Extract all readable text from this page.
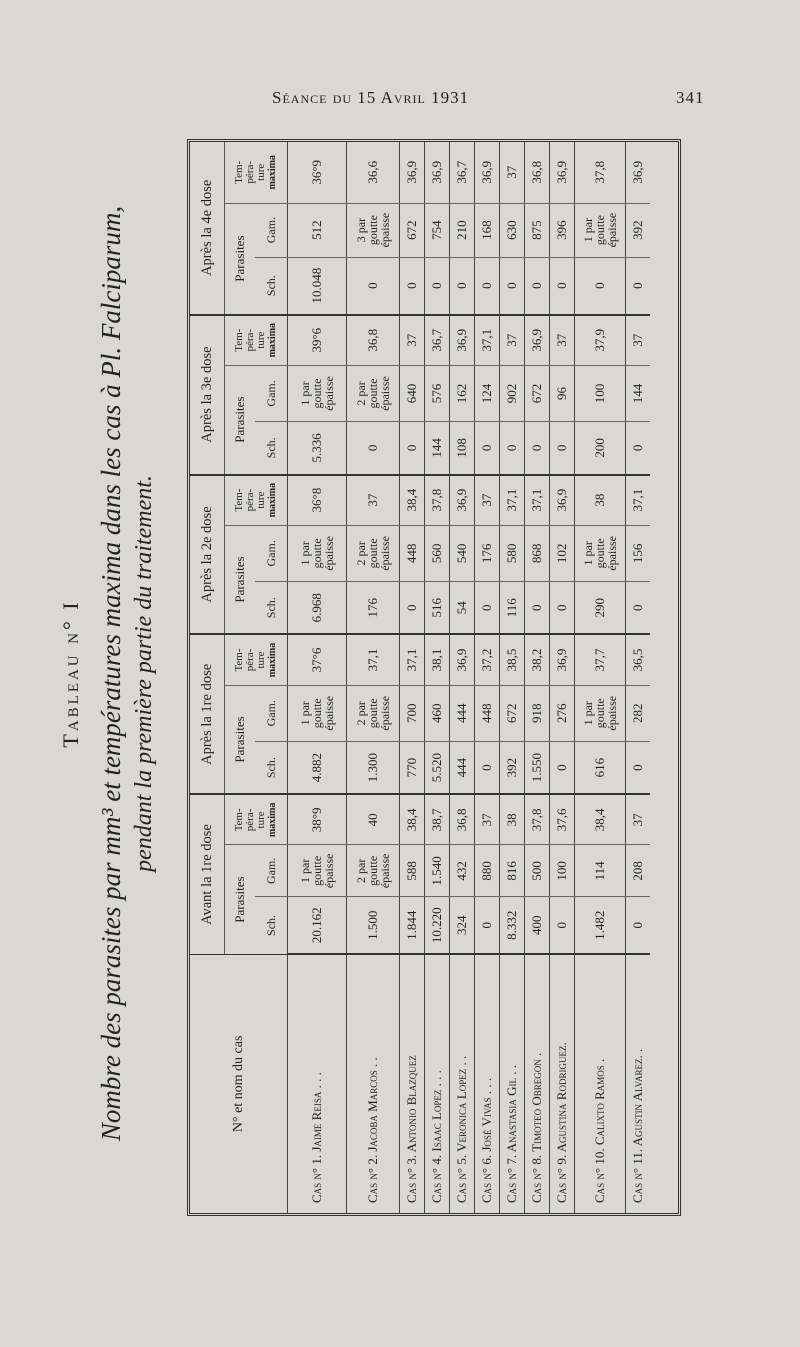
Séance du 15 Avril 1931	341
Tableau n° I Nombre des parasites par mm³ et températures maxima dans les cas à Pl. Falciparum, pendant la première partie du traitement.
N° et nom du cas	Avant la 1re dose			Après la 1re dose			Après la 2e dose			Après la 3e dose			Après la 4e dose		
	Parasites		Tem-
péra-
ture
maxima	Parasites		Tem-
péra-
ture
maxima	Parasites		Tem-
péra-
ture
maxima	Parasites		Tem-
péra-
ture
maxima	Parasites		Tem-
péra-
ture
maxima
	Sch.	Gam.		Sch.	Gam.		Sch.	Gam.		Sch.	Gam.		Sch.	Gam.	
Cas n° 1. Jaime Reisa . . .	20.162	1 par goutte épaisse	38°9	4.882	1 par goutte épaisse	37°6	6.968	1 par goutte épaisse	36°8	5.336	1 par goutte épaisse	39°6	10.048	512	36°9
Cas n° 2. Jacoba Marcos . .	1.500	2 par goutte épaisse	40	1.300	2 par goutte épaisse	37,1	176	2 par goutte épaisse	37	0	2 par goutte épaisse	36,8	0	3 par goutte épaisse	36,6
Cas n° 3. Antonio Blazquez	1.844	588	38,4	770	700	37,1	0	448	38,4	0	640	37	0	672	36,9
Cas n° 4. Isaac Lopez . . .	10.220	1.540	38,7	5.520	460	38,1	516	560	37,8	144	576	36,7	0	754	36,9
Cas n° 5. Veronica Lopez . .	324	432	36,8	444	444	36,9	54	540	36,9	108	162	36,9	0	210	36,7
Cas n° 6. José Vivas . . .	0	880	37	0	448	37,2	0	176	37	0	124	37,1	0	168	36,9
Cas n° 7. Anastasia Gil . .	8.332	816	38	392	672	38,5	116	580	37,1	0	902	37	0	630	37
Cas n° 8. Timoteo Obregon .	400	500	37,8	1.550	918	38,2	0	868	37,1	0	672	36,9	0	875	36,8
Cas n° 9. Agustina Rodriguez.	0	100	37,6	0	276	36,9	0	102	36,9	0	96	37	0	396	36,9
Cas n° 10. Calixto Ramos .	1.482	114	38,4	616	1 par goutte épaisse	37,7	290	1 par goutte épaisse	38	200	100	37,9	0	1 par goutte épaisse	37,8
Cas n° 11. Agustin Alvarez. .	0	208	37	0	282	36,5	0	156	37,1	0	144	37	0	392	36,9
